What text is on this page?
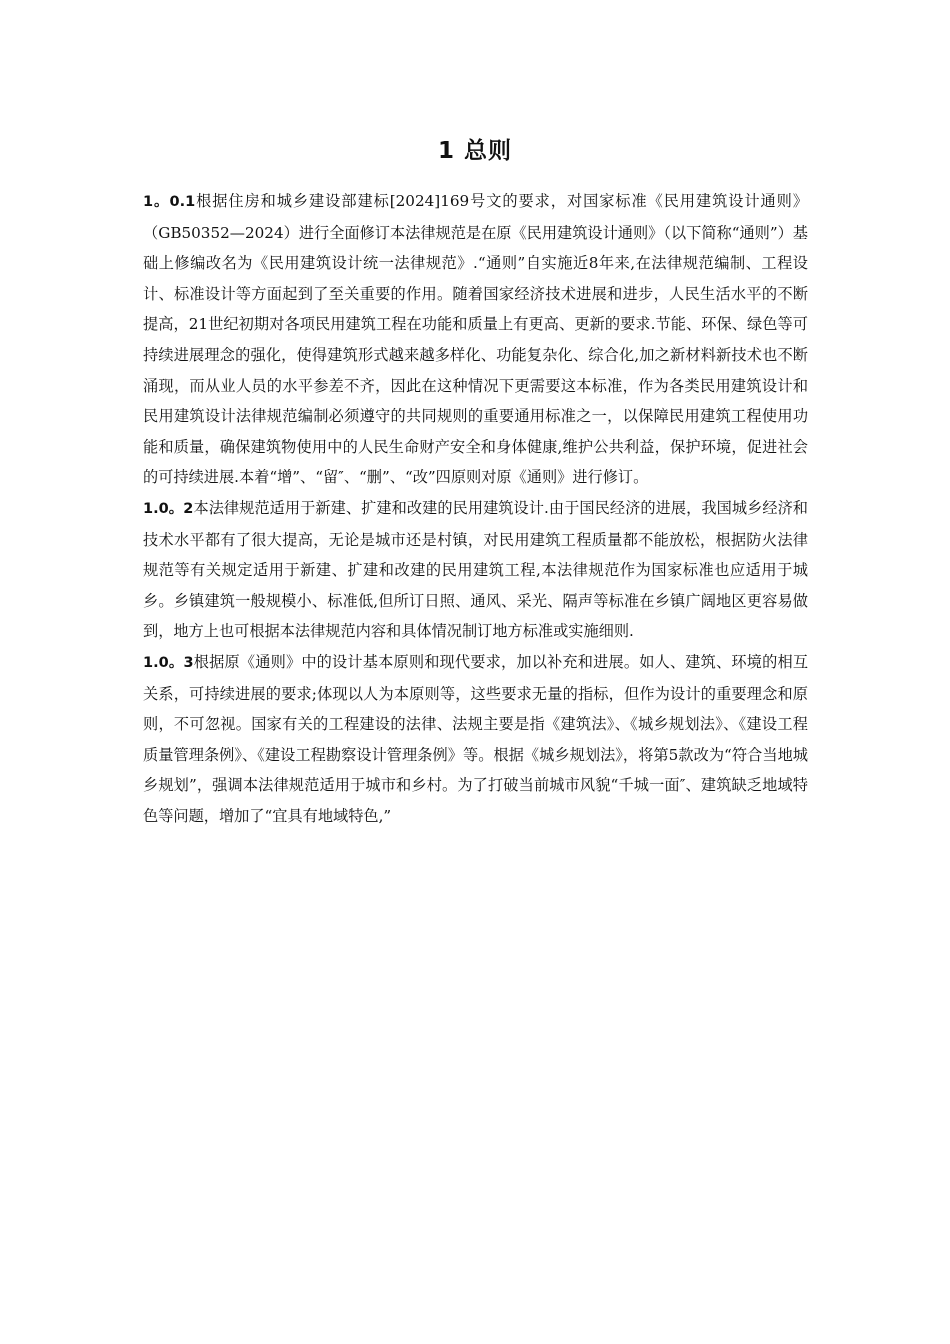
1 总则

1。0.1根据住房和城乡建设部建标[2024]169号文的要求，对国家标准《民用建筑设计通则》（GB50352—2024）进行全面修订本法律规范是在原《民用建筑设计通则》（以下简称“通则”）基础上修编改名为《民用建筑设计统一法律规范》.“通则”自实施近8年来,在法律规范编制、工程设计、标准设计等方面起到了至关重要的作用。随着国家经济技术进展和进步，人民生活水平的不断提高，21世纪初期对各项民用建筑工程在功能和质量上有更高、更新的要求.节能、环保、绿色等可持续进展理念的强化，使得建筑形式越来越多样化、功能复杂化、综合化,加之新材料新技术也不断涌现，而从业人员的水平参差不齐，因此在这种情况下更需要这本标准，作为各类民用建筑设计和民用建筑设计法律规范编制必须遵守的共同规则的重要通用标准之一，以保障民用建筑工程使用功能和质量，确保建筑物使用中的人民生命财产安全和身体健康,维护公共利益，保护环境，促进社会的可持续进展.本着“增”、“留″、“删”、“改”四原则对原《通则》进行修订。

1.0。2本法律规范适用于新建、扩建和改建的民用建筑设计.由于国民经济的进展，我国城乡经济和技术水平都有了很大提高，无论是城市还是村镇，对民用建筑工程质量都不能放松，根据防火法律规范等有关规定适用于新建、扩建和改建的民用建筑工程,本法律规范作为国家标准也应适用于城乡。乡镇建筑一般规模小、标准低,但所订日照、通风、采光、隔声等标准在乡镇广阔地区更容易做到，地方上也可根据本法律规范内容和具体情况制订地方标准或实施细则.

1.0。3根据原《通则》中的设计基本原则和现代要求，加以补充和进展。如人、建筑、环境的相互关系，可持续进展的要求;体现以人为本原则等，这些要求无量的指标，但作为设计的重要理念和原则，不可忽视。国家有关的工程建设的法律、法规主要是指《建筑法》、《城乡规划法》、《建设工程质量管理条例》、《建设工程勘察设计管理条例》等。根据《城乡规划法》，将第5款改为“符合当地城乡规划”，强调本法律规范适用于城市和乡村。为了打破当前城市风貌“千城一面″、建筑缺乏地域特色等问题，增加了“宜具有地域特色,”
